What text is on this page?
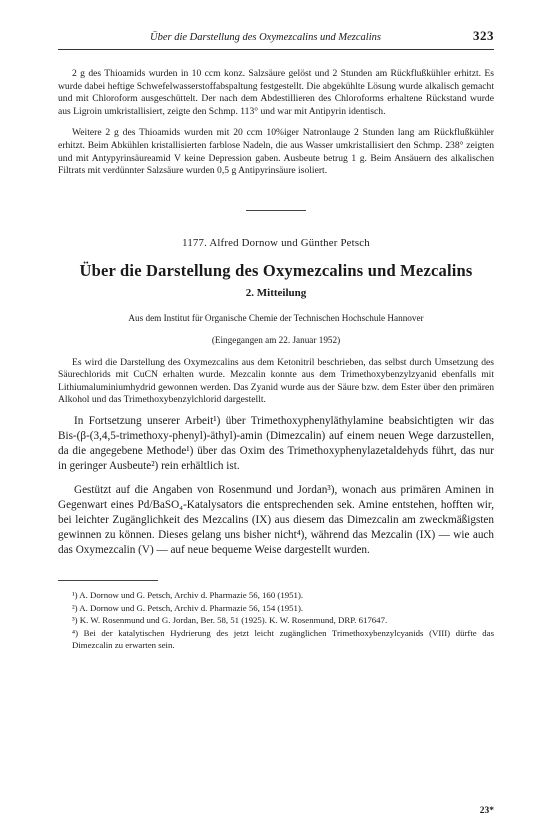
Über die Darstellung des Oxymezcalins und Mezcalins	323

2 g des Thioamids wurden in 10 ccm konz. Salzsäure gelöst und 2 Stunden am Rückflußkühler erhitzt. Es wurde dabei heftige Schwefelwasserstoffabspaltung festgestellt. Die abgekühlte Lösung wurde alkalisch gemacht und mit Chloroform ausgeschüttelt. Der nach dem Abdestillieren des Chloroforms erhaltene Rückstand wurde aus Ligroin umkristallisiert, zeigte den Schmp. 113° und war mit Antipyrin identisch.

Weitere 2 g des Thioamids wurden mit 20 ccm 10%iger Natronlauge 2 Stunden lang am Rückflußkühler erhitzt. Beim Abkühlen kristallisierten farblose Nadeln, die aus Wasser umkristallisiert den Schmp. 238° zeigten und mit Antypyrinsäureamid V keine Depression gaben. Ausbeute betrug 1 g. Beim Ansäuern des alkalischen Filtrats mit verdünnter Salzsäure wurden 0,5 g Antipyrinsäure isoliert.

1177. Alfred Dornow und Günther Petsch
Über die Darstellung des Oxymezcalins und Mezcalins
2. Mitteilung
Aus dem Institut für Organische Chemie der Technischen Hochschule Hannover
(Eingegangen am 22. Januar 1952)

Es wird die Darstellung des Oxymezcalins aus dem Ketonitril beschrieben, das selbst durch Umsetzung des Säurechlorids mit CuCN erhalten wurde. Mezcalin konnte aus dem Trimethoxybenzylzyanid ebenfalls mit Lithiumaluminiumhydrid gewonnen werden. Das Zyanid wurde aus der Säure bzw. dem Ester über den primären Alkohol und das Trimethoxybenzylchlorid dargestellt.

In Fortsetzung unserer Arbeit¹) über Trimethoxyphenyläthylamine beabsichtigten wir das Bis-(β-(3,4,5-trimethoxy-phenyl)-äthyl)-amin (Dimezcalin) auf einem neuen Wege darzustellen, da die angegebene Methode¹) über das Oxim des Trimethoxyphenylazetaldehyds führt, das nur in geringer Ausbeute²) rein erhältlich ist.

Gestützt auf die Angaben von Rosenmund und Jordan³), wonach aus primären Aminen in Gegenwart eines Pd/BaSO₄-Katalysators die entsprechenden sek. Amine entstehen, hofften wir, bei leichter Zugänglichkeit des Mezcalins (IX) aus diesem das Dimezcalin am zweckmäßigsten gewinnen zu können. Dieses gelang uns bisher nicht⁴), während das Mezcalin (IX) — wie auch das Oxymezcalin (V) — auf neue bequeme Weise dargestellt wurden.

¹) A. Dornow und G. Petsch, Archiv d. Pharmazie 56, 160 (1951).

²) A. Dornow und G. Petsch, Archiv d. Pharmazie 56, 154 (1951).

³) K. W. Rosenmund und G. Jordan, Ber. 58, 51 (1925). K. W. Rosenmund, DRP. 617647.

⁴) Bei der katalytischen Hydrierung des jetzt leicht zugänglichen Trimethoxybenzylcyanids (VIII) dürfte das Dimezcalin zu erwarten sein.

23*
